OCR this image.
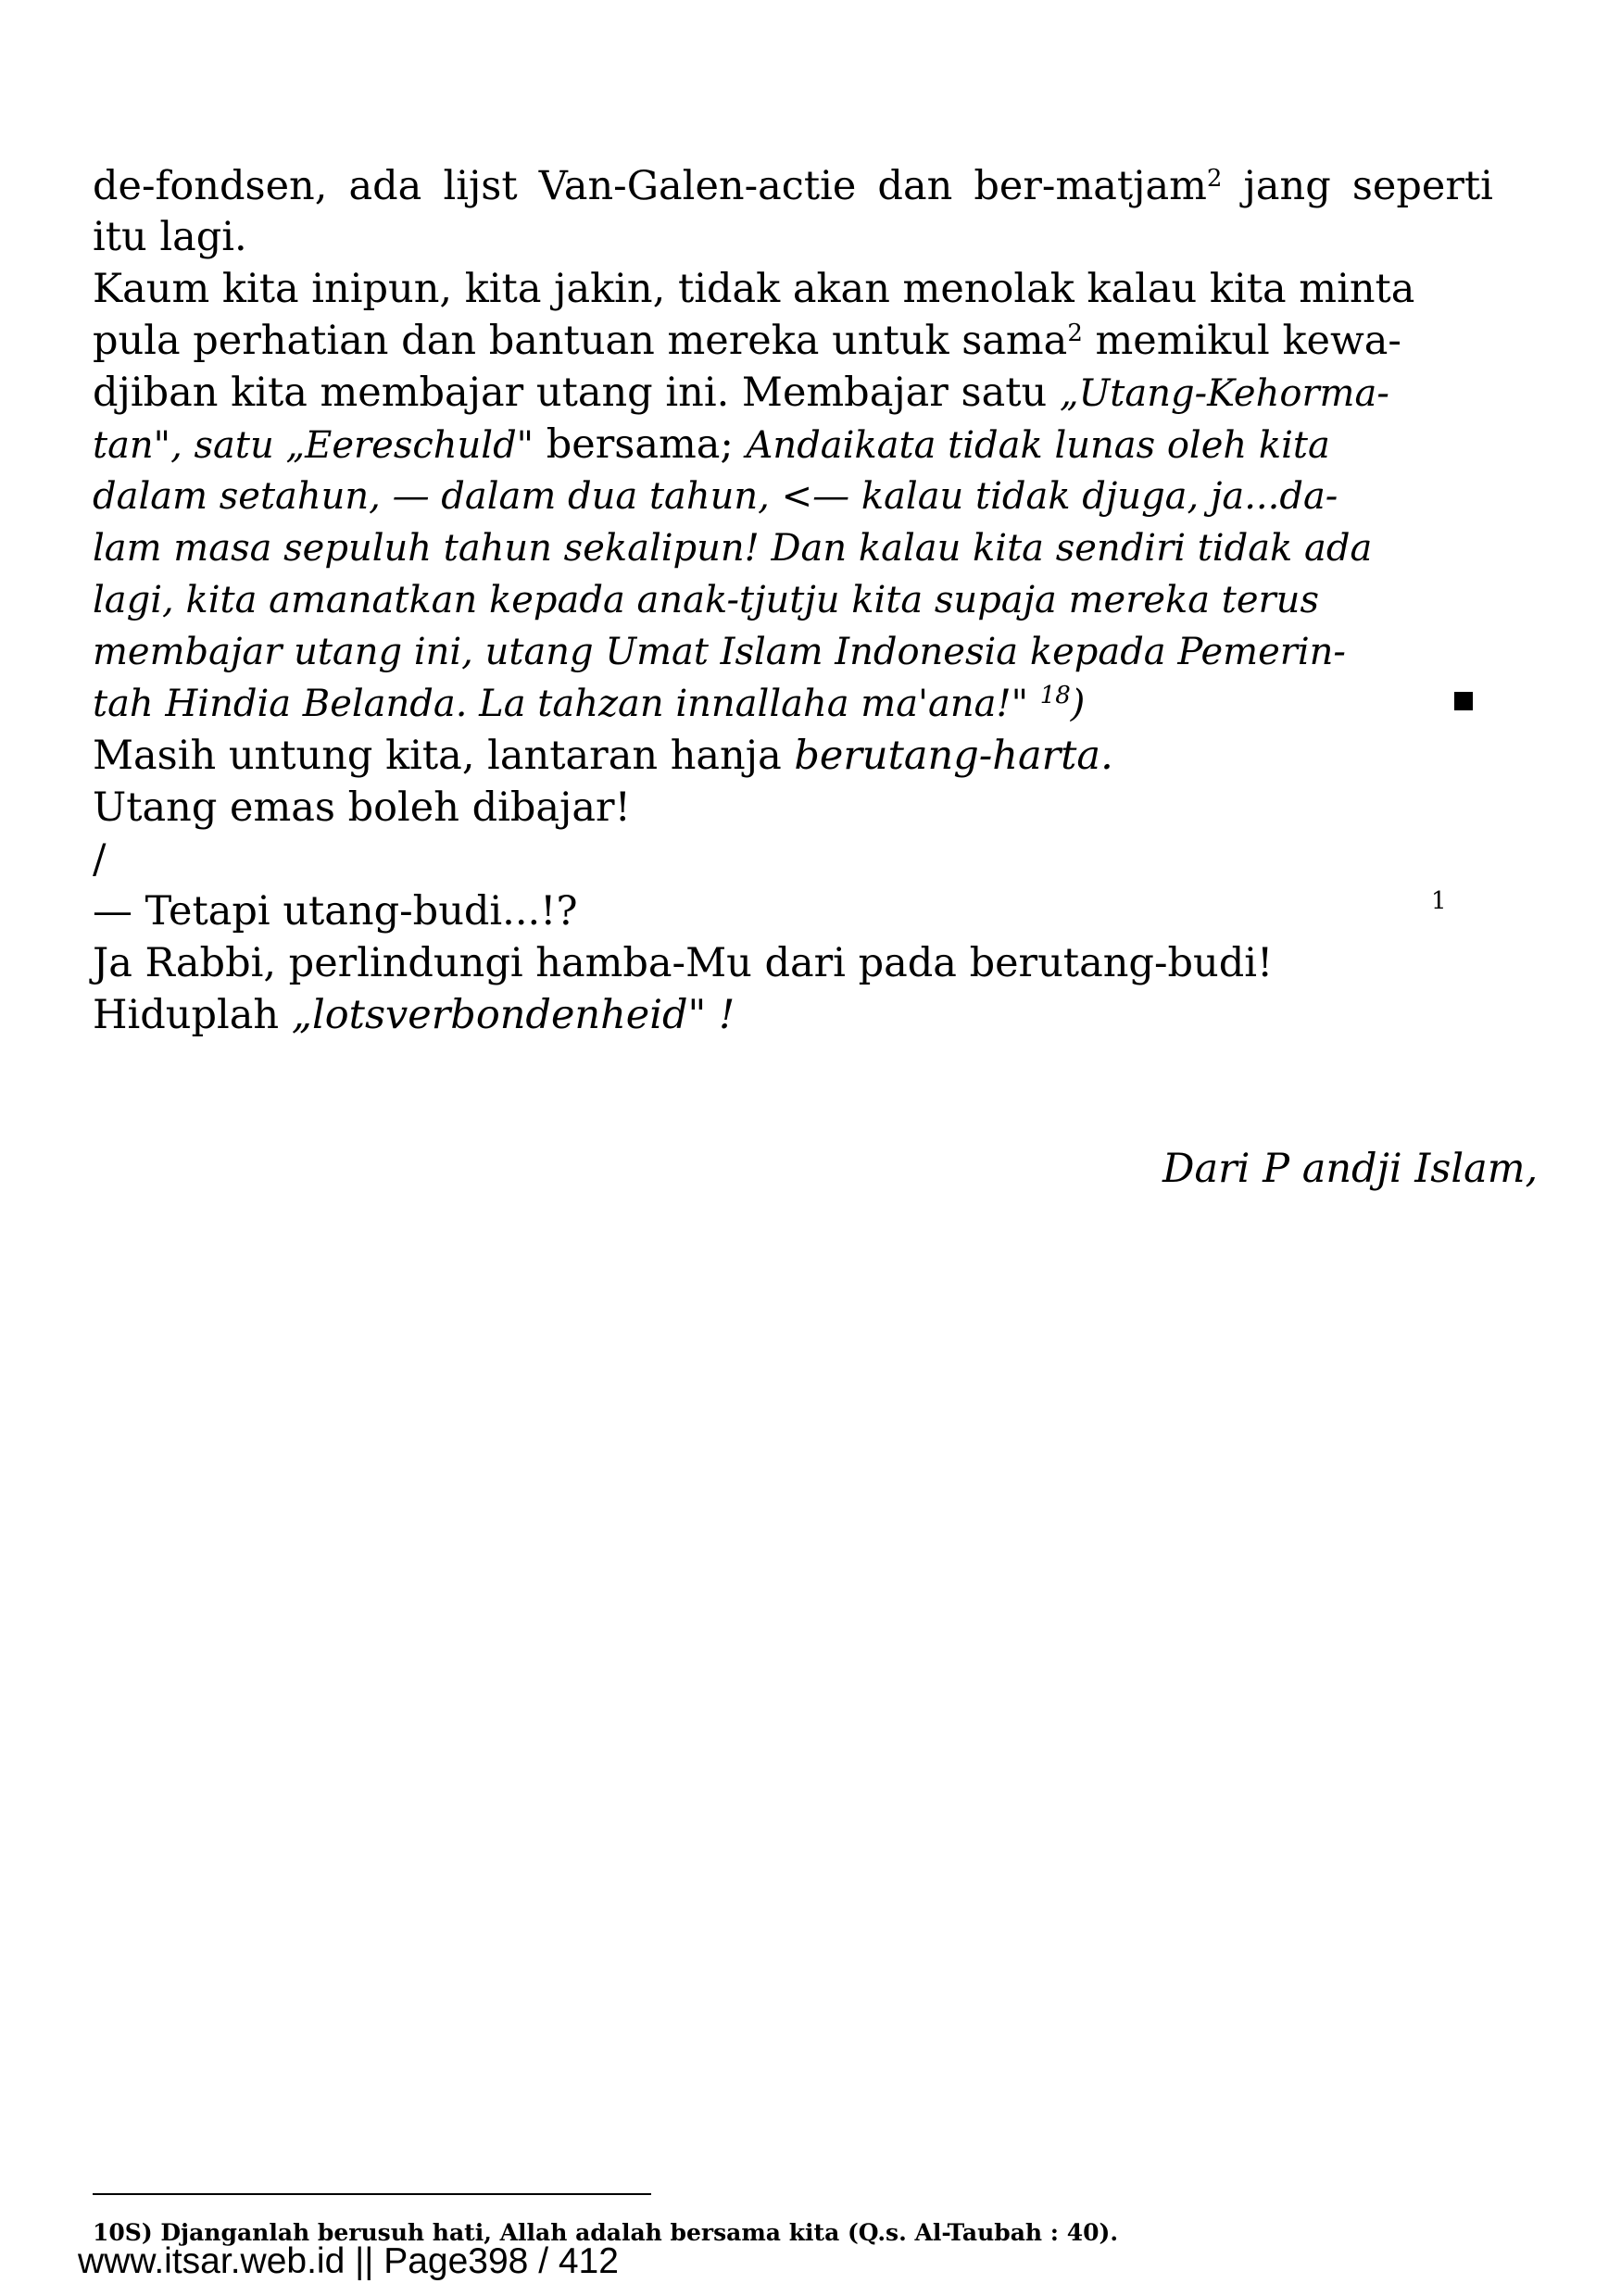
de-fondsen, ada lijst Van-Galen-actie dan ber-matjam$^2$ jang seperti
itu lagi.
Kaum kita inipun, kita jakin, tidak akan menolak kalau kita minta
pula perhatian dan bantuan mereka untuk sama$^2$ memikul kewa-
djiban kita membajar utang ini. Membajar satu „Utang-Kehorma-
tan", satu „Eereschuld" bersama; Andaikata tidak lunas oleh kita
dalam setahun, — dalam dua tahun, <— kalau tidak djuga, ja...da-
lam masa sepuluh tahun sekalipun! Dan kalau kita sendiri tidak ada
lagi, kita amanatkan kepada anak-tjutju kita supaja mereka terus
membajar utang ini, utang Umat Islam Indonesia kepada Pemerin-
tah Hindia Belanda. La tahzan innallaha ma'ana!" $^{18}$)
Masih untung kita, lantaran hanja berutang-harta.
Utang emas boleh dibajar!
/
— Tetapi utang-budi...!?
Ja Rabbi, perlindungi hamba-Mu dari pada berutang-budi!
Hiduplah „lotsverbondenheid" !
1
Dari P andji Islam,
10S) Djanganlah berusuh hati, Allah adalah bersama kita (Q.s. Al-Taubah : 40).
www.itsar.web.id || Page398 / 412
